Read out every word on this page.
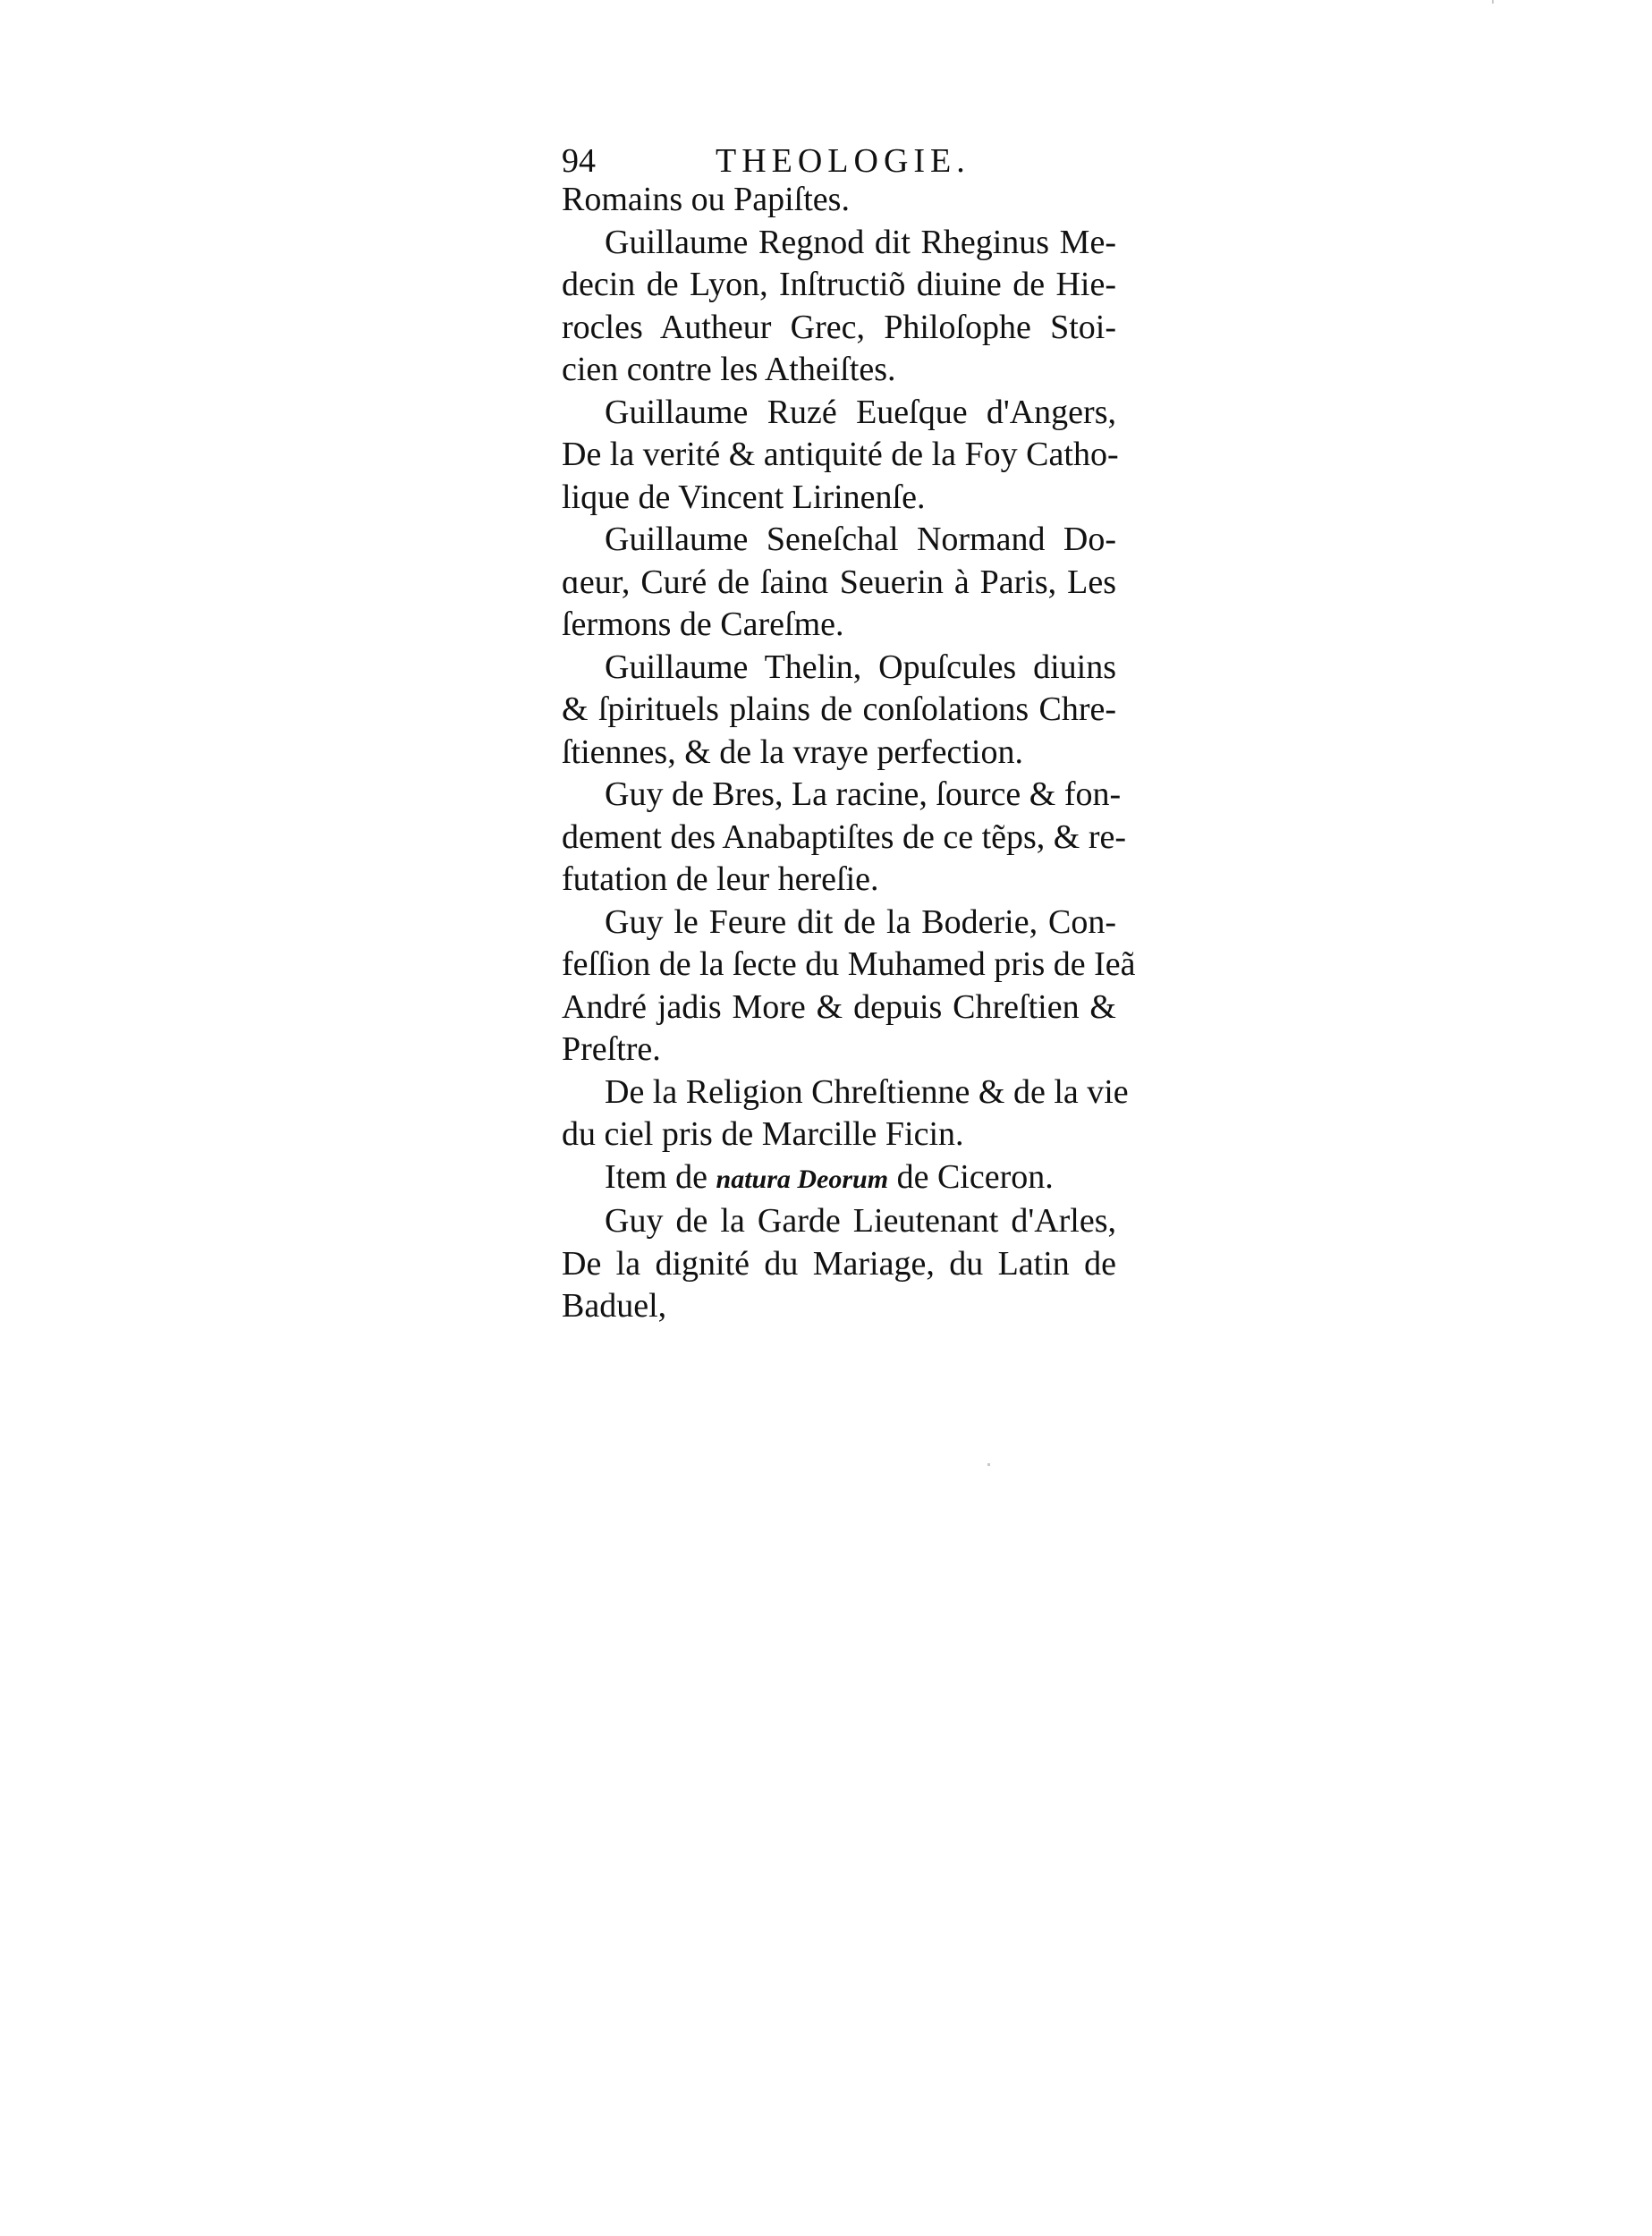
94	THEOLOGIE.

Romains ou Papiſtes.

Guillaume Regnod dit Rheginus Me-
decin de Lyon, Inſtructiõ diuine de Hie-
rocles Autheur Grec, Philoſophe Stoi-
cien contre les Atheiſtes.

Guillaume Ruzé Eueſque d'Angers,
De la verité & antiquité de la Foy Catho-
lique de Vincent Lirinenſe.

Guillaume Seneſchal Normand Do-
ɑeur, Curé de ſainɑ Seuerin à Paris, Les
ſermons de Careſme.

Guillaume Thelin, Opuſcules diuins
& ſpirituels plains de conſolations Chre-
ſtiennes, & de la vraye perfection.

Guy de Bres, La racine, ſource & fon-
dement des Anabaptiſtes de ce tẽps, & re-
futation de leur hereſie.

Guy le Feure dit de la Boderie, Con-
feſſion de la ſecte du Muhamed pris de Ieã
André jadis More & depuis Chreſtien &
Preſtre.

De la Religion Chreſtienne & de la vie
du ciel pris de Marcille Ficin.

Item de natura Deorum de Ciceron.

Guy de la Garde Lieutenant d'Arles,
De la dignité du Mariage, du Latin de
Baduel,
